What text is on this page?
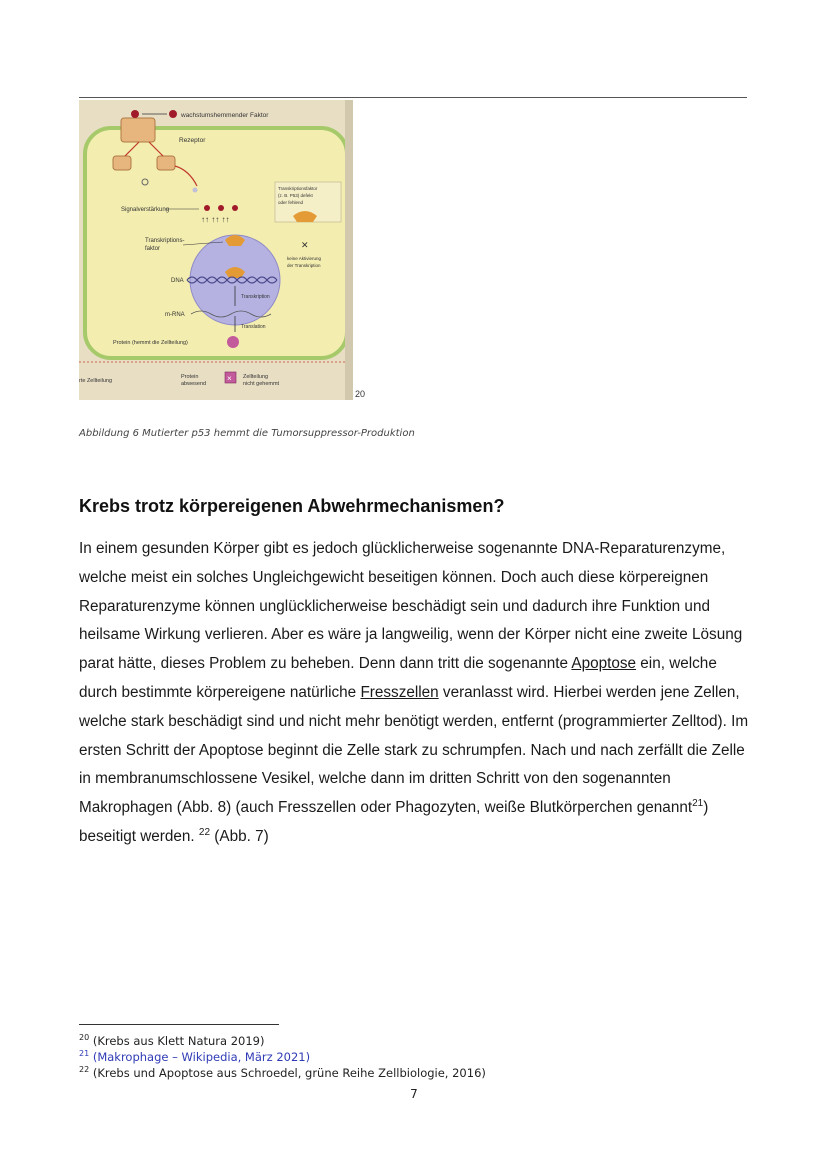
wachstumshemmender Faktor
Rezeptor
↑↑ ↑↑ ↑↑
Signalverstärkung
Transkriptions-
faktor
DNA
Transkription
m-RNA
Translation
Protein (hemmt die Zellteilung)
Transkriptionsfaktor
(z. B. P53) defekt
oder fehlend
✕
keine Aktivierung
der Transkription
rte Zellteilung
Protein
abwesend
× Zellteilung
nicht gehemmt
20
Abbildung 6 Mutierter p53 hemmt die Tumorsuppressor-Produktion
Krebs trotz körpereigenen Abwehrmechanismen?

In einem gesunden Körper gibt es jedoch glücklicherweise sogenannte DNA-Reparaturenzyme, welche meist ein solches Ungleichgewicht beseitigen können. Doch auch diese körpereignen Reparaturenzyme können unglücklicherweise beschädigt sein und dadurch ihre Funktion und heilsame Wirkung verlieren. Aber es wäre ja langweilig, wenn der Körper nicht eine zweite Lösung parat hätte, dieses Problem zu beheben. Denn dann tritt die sogenannte Apoptose ein, welche durch bestimmte körpereigene natürliche Fresszellen veranlasst wird. Hierbei werden jene Zellen, welche stark beschädigt sind und nicht mehr benötigt werden, entfernt (programmierter Zelltod). Im ersten Schritt der Apoptose beginnt die Zelle stark zu schrumpfen. Nach und nach zerfällt die Zelle in membranumschlossene Vesikel, welche dann im dritten Schritt von den sogenannten Makrophagen (Abb. 8) (auch Fresszellen oder Phagozyten, weiße Blutkörperchen genannt$^{21}$) beseitigt werden. $^{22}$ (Abb. 7)

$^{20}$ (Krebs aus Klett Natura 2019)
$^{21}$ (Makrophage – Wikipedia, März 2021)
$^{22}$ (Krebs und Apoptose aus Schroedel, grüne Reihe Zellbiologie, 2016)
7
